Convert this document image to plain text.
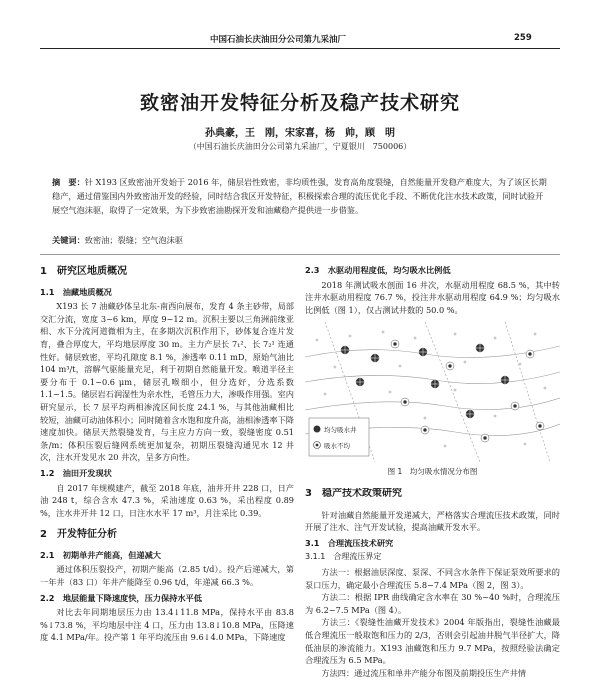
中国石油长庆油田分公司第九采油厂	259
致密油开发特征分析及稳产技术研究
孙典豪，王　刚，宋家喜，杨　帅，顾　明
（中国石油长庆油田分公司第九采油厂，宁夏银川　750006）
摘　要：针 X193 区致密油开发始于 2016 年，储层岩性致密，非均质性强，发育高角度裂缝，自然能量开发稳产难度大，为了该区长期稳产，通过借鉴国内外致密油开发的经验，同时结合我区开发特征，积极探索合理的流压优化手段、不断优化注水技术政策，同时试验开展空气泡沫驱，取得了一定效果，为下步致密油勘探开发和油藏稳产提供进一步借鉴。
关键词：致密油；裂缝；空气泡沫驱
1　研究区地质概况
1.1　油藏地质概况

X193 长 7 油藏砂体呈北东-南西向展布，发育 4 条主砂带，局部交汇分流，宽度 3~6 km，厚度 9~12 m。沉积主要以三角洲前缘亚相、水下分流河道微相为主，在多期次沉积作用下，砂体复合连片发育，叠合厚度大，平均地层厚度 30 m。主力产层长 7₁²、长 7₂¹ 连通性好。储层致密，平均孔隙度 8.1 %，渗透率 0.11 mD，原始气油比 104 m³/t，溶解气驱能量充足，利于初期自然能量开发。喉道半径主要分布于 0.1~0.6 μm，储层孔喉细小，但分选好，分选系数 1.1~1.5。储层岩石润湿性为亲水性，毛管压力大，渗吸作用强。室内研究显示，长 7 层平均两相渗流区间长度 24.1 %，与其他油藏相比较短，油藏可动油体积小；同时随着含水饱和度升高，油相渗透率下降速度加快。储层天然裂缝发育，与主应力方向一致，裂缝密度 0.51 条/m；体积压裂后缝网系统更加复杂，初期压裂缝沟通见水 12 井次，注水开发见水 20 井次，呈多方向性。

1.2　油田开发现状

自 2017 年规模建产，截至 2018 年底，油井开井 228 口，日产油 248 t，综合含水 47.3 %，采油速度 0.63 %，采出程度 0.89 %，注水井开井 12 口，日注水水平 17 m³，月注采比 0.39。

2　开发特征分析
2.1　初期单井产能高，但递减大

通过体积压裂投产，初期产能高（2.85 t/d）。投产后递减大，第一年井（83 口）年井产能降至 0.96 t/d，年递减 66.3 %。

2.2　地层能量下降速度快，压力保持水平低

对比去年同期地层压力由 13.4↓11.8 MPa，保持水平由 83.8 %↓73.8 %，平均地层中注 4 口，压力由 13.8↓10.8 MPa，压降速度 4.1 MPa/年。投产第 1 年平均流压由 9.6↓4.0 MPa，下降速度

2.3　水驱动用程度低，均匀吸水比例低

2018 年测试吸水剖面 16 井次，水驱动用程度 68.5 %，其中转注井水驱动用程度 76.7 %，投注井水驱动用程度 64.9 %；均匀吸水比例低（图 1），仅占测试井数的 50.0 %。

均匀吸水井
吸水不均
图 1　均匀吸水情况分布图
3　稳产技术政策研究

针对油藏自然能量开发递减大，严格落实合理流压技术政策，同时开展了注水、注气开发试验，提高油藏开发水平。

3.1　合理流压技术研究
3.1.1　合理流压界定

方法一：根据油层深度、泵深、不同含水条件下保证泵效所要求的泵口压力，确定最小合理流压 5.8~7.4 MPa（图 2，图 3）。

方法二：根据 IPR 曲线确定含水率在 30 %~40 %时，合理流压为 6.2~7.5 MPa（图 4）。

方法三：《裂缝性油藏开发技术》2004 年版指出，裂缝性油藏最低合理流压一般取饱和压力的 2/3，否则会引起油井脱气半径扩大，降低油层的渗流能力。X193 油藏饱和压力 9.7 MPa，按照经验法确定合理流压为 6.5 MPa。

方法四：通过流压和单井产能分布图及前期投压生产井情
